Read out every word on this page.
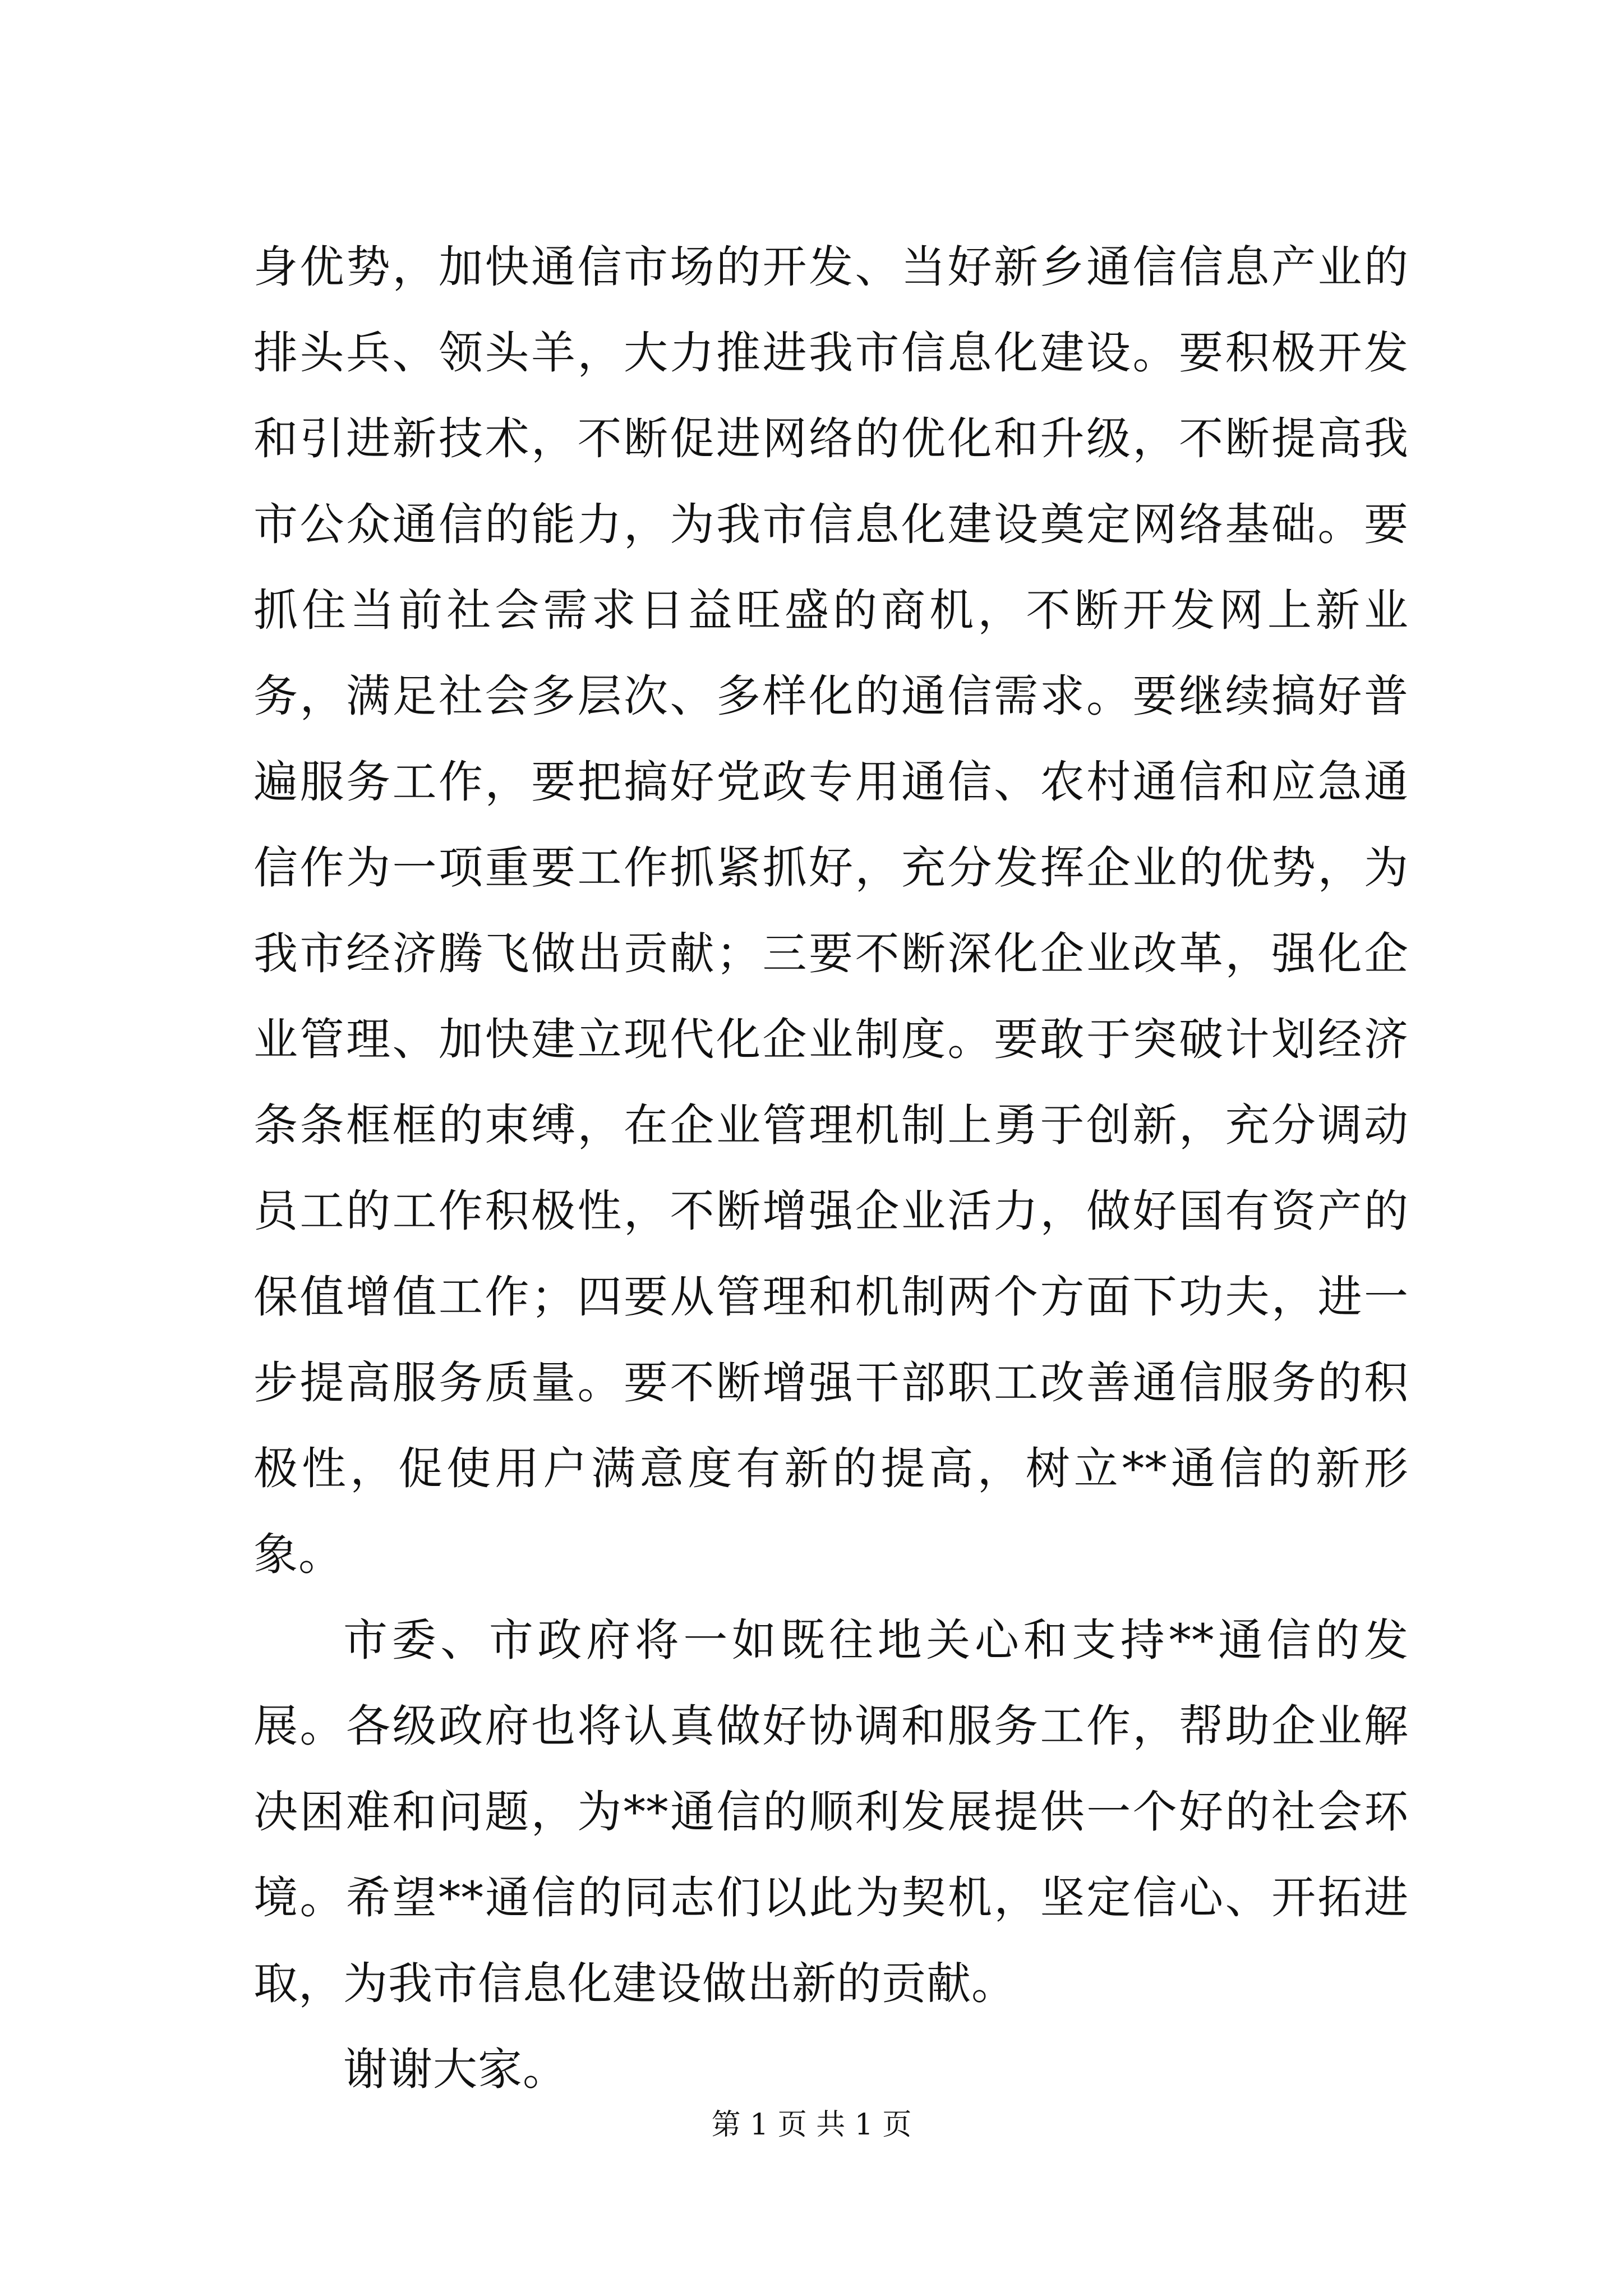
身优势，加快通信市场的开发、当好新乡通信信息产业的排头兵、领头羊，大力推进我市信息化建设。要积极开发和引进新技术，不断促进网络的优化和升级，不断提高我市公众通信的能力，为我市信息化建设奠定网络基础。要抓住当前社会需求日益旺盛的商机，不断开发网上新业务，满足社会多层次、多样化的通信需求。要继续搞好普遍服务工作，要把搞好党政专用通信、农村通信和应急通信作为一项重要工作抓紧抓好，充分发挥企业的优势，为我市经济腾飞做出贡献；三要不断深化企业改革，强化企业管理、加快建立现代化企业制度。要敢于突破计划经济条条框框的束缚，在企业管理机制上勇于创新，充分调动员工的工作积极性，不断增强企业活力，做好国有资产的保值增值工作；四要从管理和机制两个方面下功夫，进一步提高服务质量。要不断增强干部职工改善通信服务的积极性，促使用户满意度有新的提高，树立**通信的新形象。

市委、市政府将一如既往地关心和支持**通信的发展。各级政府也将认真做好协调和服务工作，帮助企业解决困难和问题，为**通信的顺利发展提供一个好的社会环境。希望**通信的同志们以此为契机，坚定信心、开拓进取，为我市信息化建设做出新的贡献。

谢谢大家。

第 1 页 共 1 页
